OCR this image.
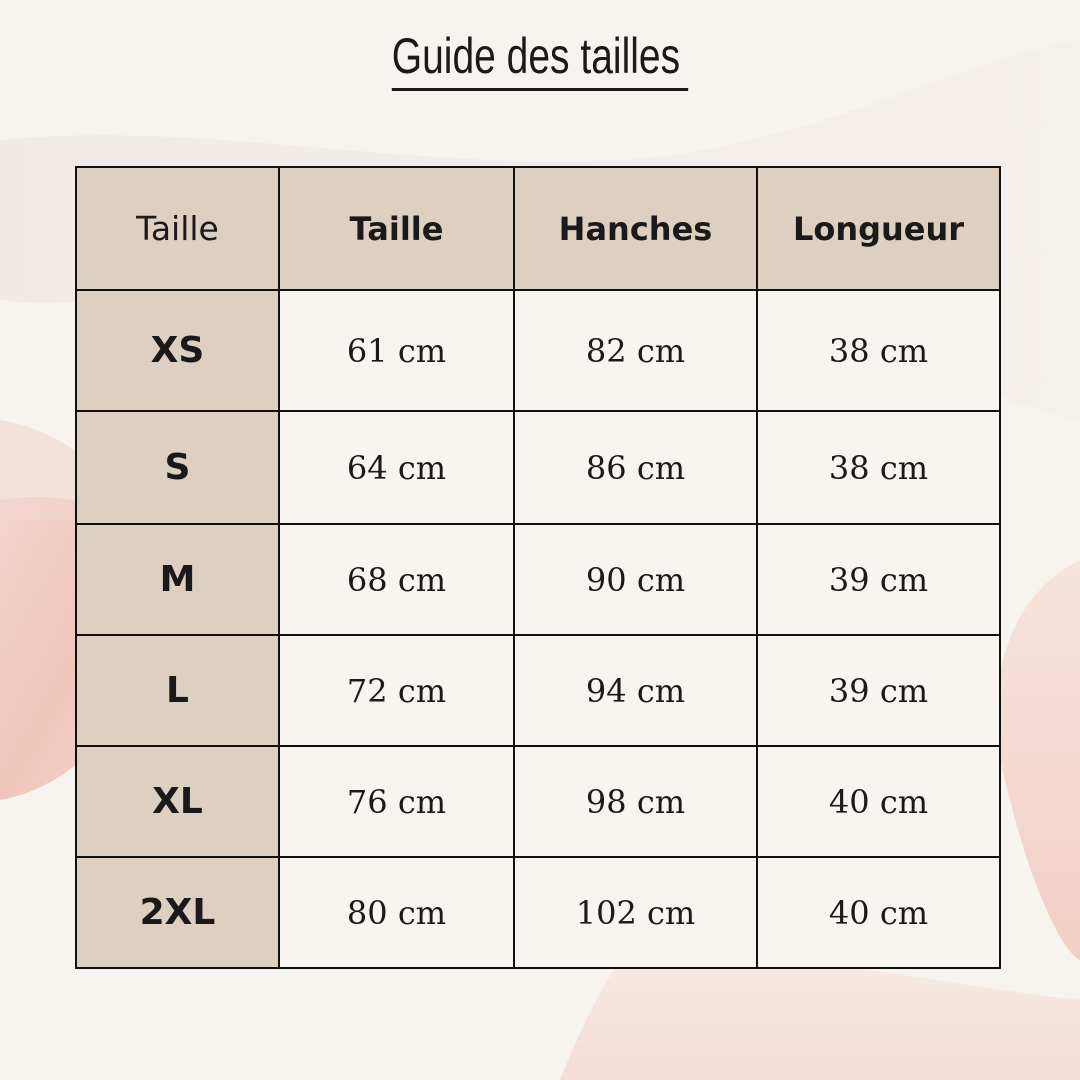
Guide des tailles
Taille	Taille	Hanches	Longueur
XS	61 cm	82 cm	38 cm
S	64 cm	86 cm	38 cm
M	68 cm	90 cm	39 cm
L	72 cm	94 cm	39 cm
XL	76 cm	98 cm	40 cm
2XL	80 cm	102 cm	40 cm
